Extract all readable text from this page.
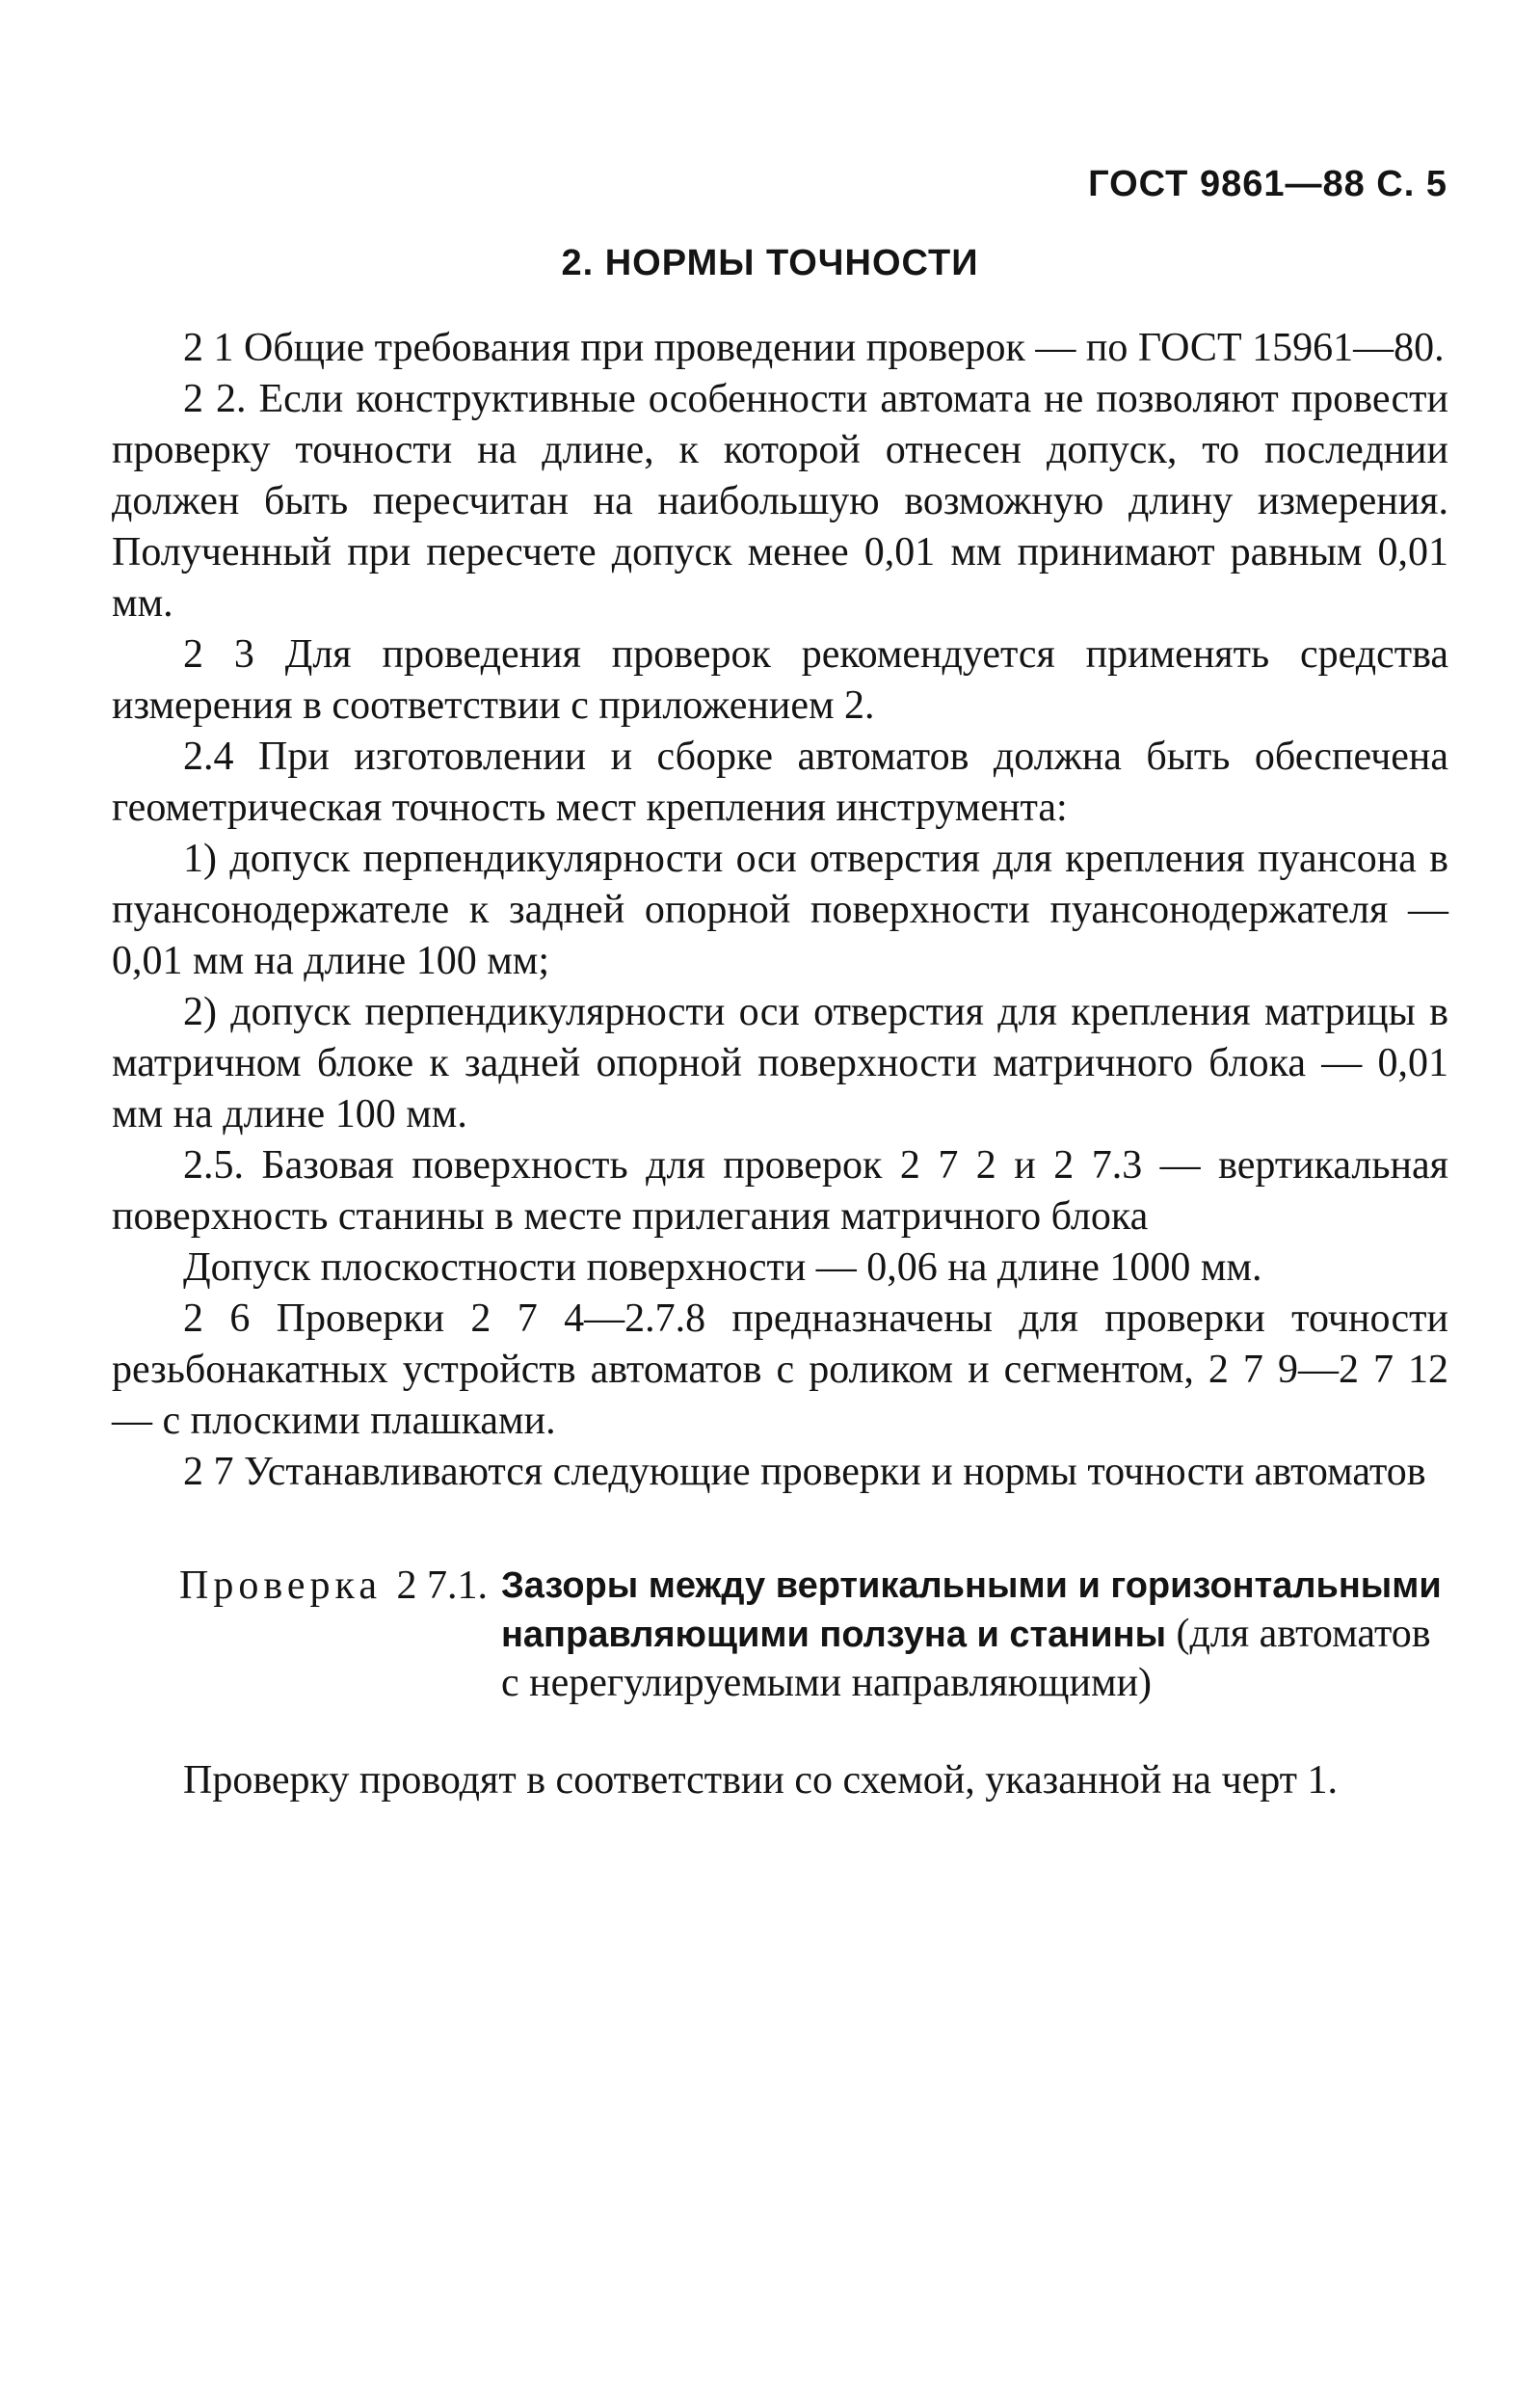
ГОСТ 9861—88 С. 5
2. НОРМЫ ТОЧНОСТИ

2 1 Общие требования при проведении проверок — по ГОСТ 15961—80.

2 2. Если конструктивные особенности автомата не позволяют провести проверку точности на длине, к которой отнесен допуск, то последнии должен быть пересчитан на наибольшую возможную длину измерения. Полученный при пересчете допуск менее 0,01 мм принимают равным 0,01 мм.

2 3 Для проведения проверок рекомендуется применять средства измерения в соответствии с приложением 2.

2.4 При изготовлении и сборке автоматов должна быть обеспечена геометрическая точность мест крепления инструмента:

1) допуск перпендикулярности оси отверстия для крепления пуансона в пуансонодержателе к задней опорной поверхности пуансонодержателя — 0,01 мм на длине 100 мм;

2) допуск перпендикулярности оси отверстия для крепления матрицы в матричном блоке к задней опорной поверхности матричного блока — 0,01 мм на длине 100 мм.

2.5. Базовая поверхность для проверок 2 7 2 и 2 7.3 — вертикальная поверхность станины в месте прилегания матричного блока

Допуск плоскостности поверхности — 0,06 на длине 1000 мм.

2 6 Проверки 2 7 4—2.7.8 предназначены для проверки точности резьбонакатных устройств автоматов с роликом и сегментом, 2 7 9—2 7 12 — с плоскими плашками.

2 7 Устанавливаются следующие проверки и нормы точности автоматов

Проверка 2 7.1. Зазоры между вертикальными и горизонтальными направляющими ползуна и станины (для автоматов с нерегулируемыми направляющими)

Проверку проводят в соответствии со схемой, указанной на черт 1.
